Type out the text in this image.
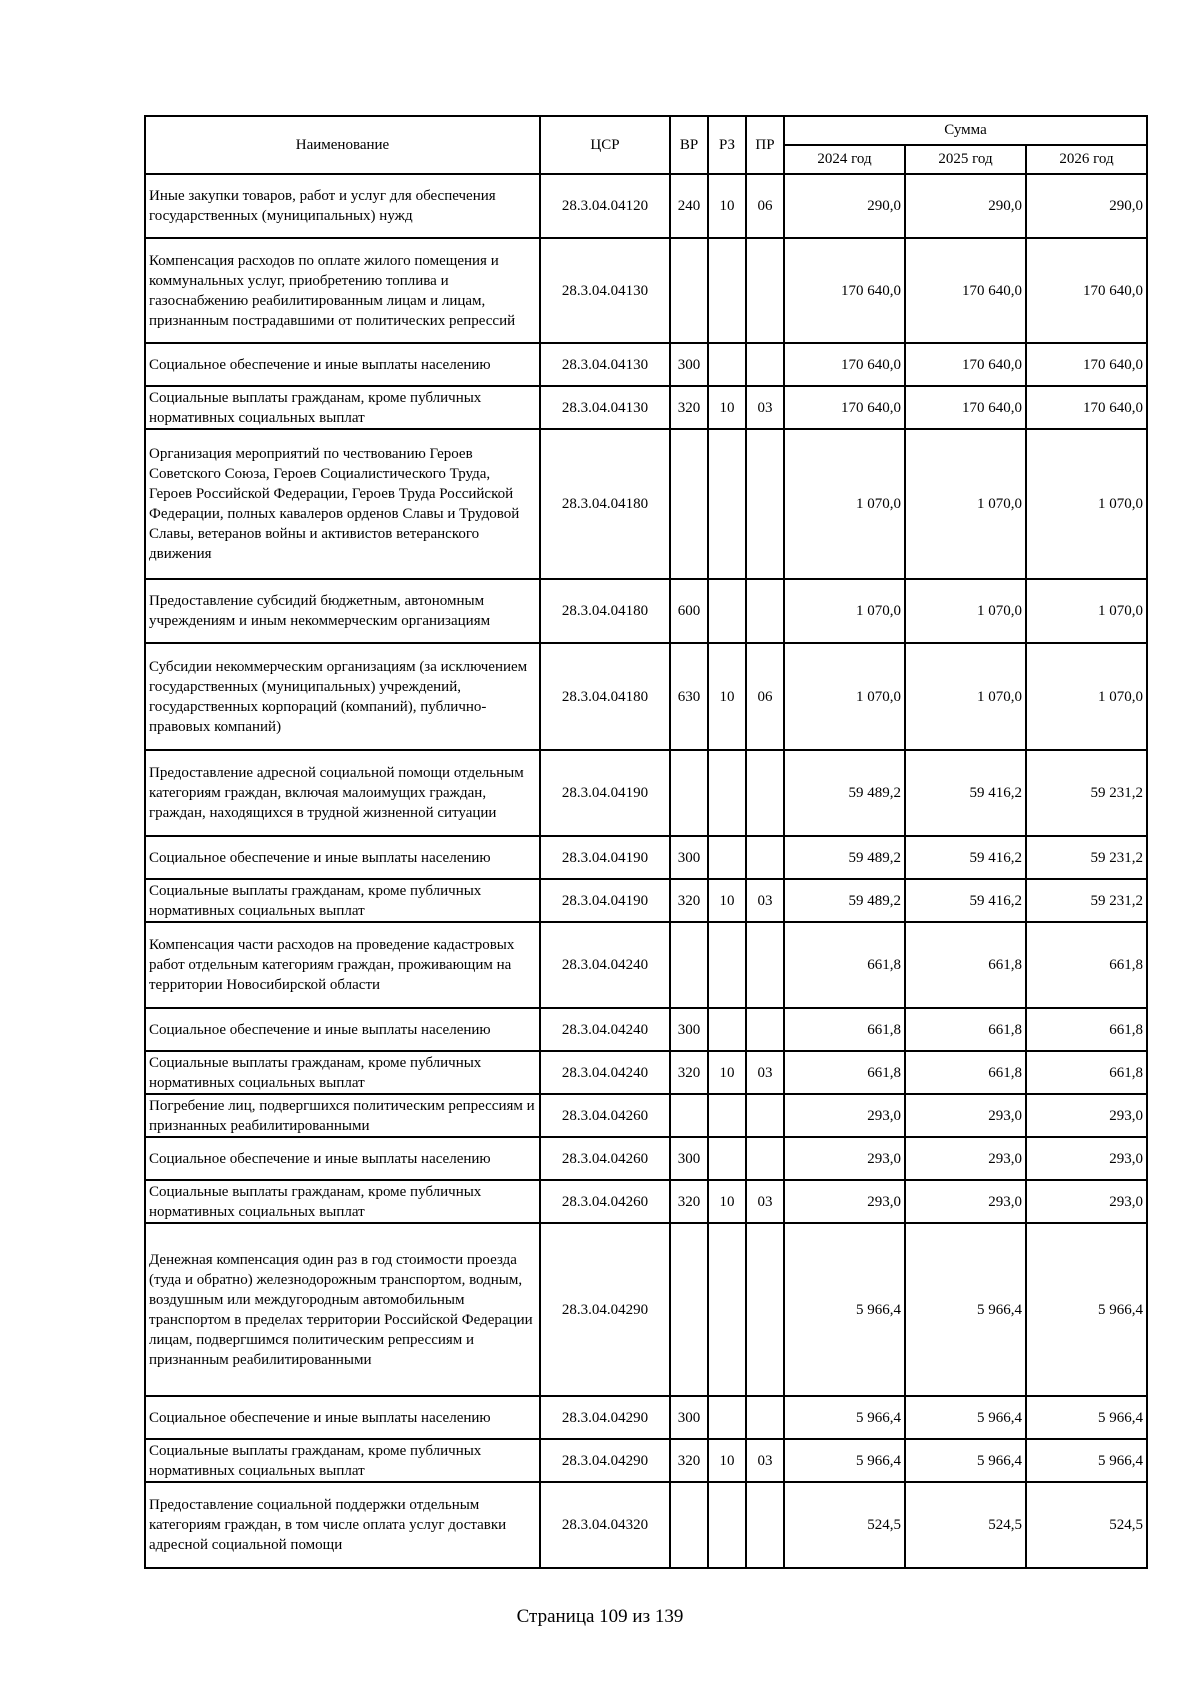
Наименование	ЦСР	ВР	РЗ	ПР	Сумма		
					2024 год	2025 год	2026 год
Иные закупки товаров, работ и услуг для обеспечения государственных (муниципальных) нужд	28.3.04.04120	240	10	06	290,0	290,0	290,0
Компенсация расходов по оплате жилого помещения и коммунальных услуг, приобретению топлива и газоснабжению реабилитированным лицам и лицам, признанным пострадавшими от политических репрессий	28.3.04.04130				170 640,0	170 640,0	170 640,0
Социальное обеспечение и иные выплаты населению	28.3.04.04130	300			170 640,0	170 640,0	170 640,0
Социальные выплаты гражданам, кроме публичных нормативных социальных выплат	28.3.04.04130	320	10	03	170 640,0	170 640,0	170 640,0
Организация мероприятий по чествованию Героев Советского Союза, Героев Социалистического Труда, Героев Российской Федерации, Героев Труда Российской Федерации, полных кавалеров орденов Славы и Трудовой Славы, ветеранов войны и активистов ветеранского движения	28.3.04.04180				1 070,0	1 070,0	1 070,0
Предоставление субсидий бюджетным, автономным учреждениям и иным некоммерческим организациям	28.3.04.04180	600			1 070,0	1 070,0	1 070,0
Субсидии некоммерческим организациям (за исключением государственных (муниципальных) учреждений, государственных корпораций (компаний), публично-правовых компаний)	28.3.04.04180	630	10	06	1 070,0	1 070,0	1 070,0
Предоставление адресной социальной помощи отдельным категориям граждан, включая малоимущих граждан, граждан, находящихся в трудной жизненной ситуации	28.3.04.04190				59 489,2	59 416,2	59 231,2
Социальное обеспечение и иные выплаты населению	28.3.04.04190	300			59 489,2	59 416,2	59 231,2
Социальные выплаты гражданам, кроме публичных нормативных социальных выплат	28.3.04.04190	320	10	03	59 489,2	59 416,2	59 231,2
Компенсация части расходов на проведение кадастровых работ отдельным категориям граждан, проживающим на территории Новосибирской области	28.3.04.04240				661,8	661,8	661,8
Социальное обеспечение и иные выплаты населению	28.3.04.04240	300			661,8	661,8	661,8
Социальные выплаты гражданам, кроме публичных нормативных социальных выплат	28.3.04.04240	320	10	03	661,8	661,8	661,8
Погребение лиц, подвергшихся политическим репрессиям и признанных реабилитированными	28.3.04.04260				293,0	293,0	293,0
Социальное обеспечение и иные выплаты населению	28.3.04.04260	300			293,0	293,0	293,0
Социальные выплаты гражданам, кроме публичных нормативных социальных выплат	28.3.04.04260	320	10	03	293,0	293,0	293,0
Денежная компенсация один раз в год стоимости проезда (туда и обратно) железнодорожным транспортом, водным, воздушным или междугородным автомобильным транспортом в пределах территории Российской Федерации лицам, подвергшимся политическим репрессиям и признанным реабилитированными	28.3.04.04290				5 966,4	5 966,4	5 966,4
Социальное обеспечение и иные выплаты населению	28.3.04.04290	300			5 966,4	5 966,4	5 966,4
Социальные выплаты гражданам, кроме публичных нормативных социальных выплат	28.3.04.04290	320	10	03	5 966,4	5 966,4	5 966,4
Предоставление социальной поддержки отдельным категориям граждан, в том числе оплата услуг доставки адресной социальной помощи	28.3.04.04320				524,5	524,5	524,5
Страница 109 из 139
